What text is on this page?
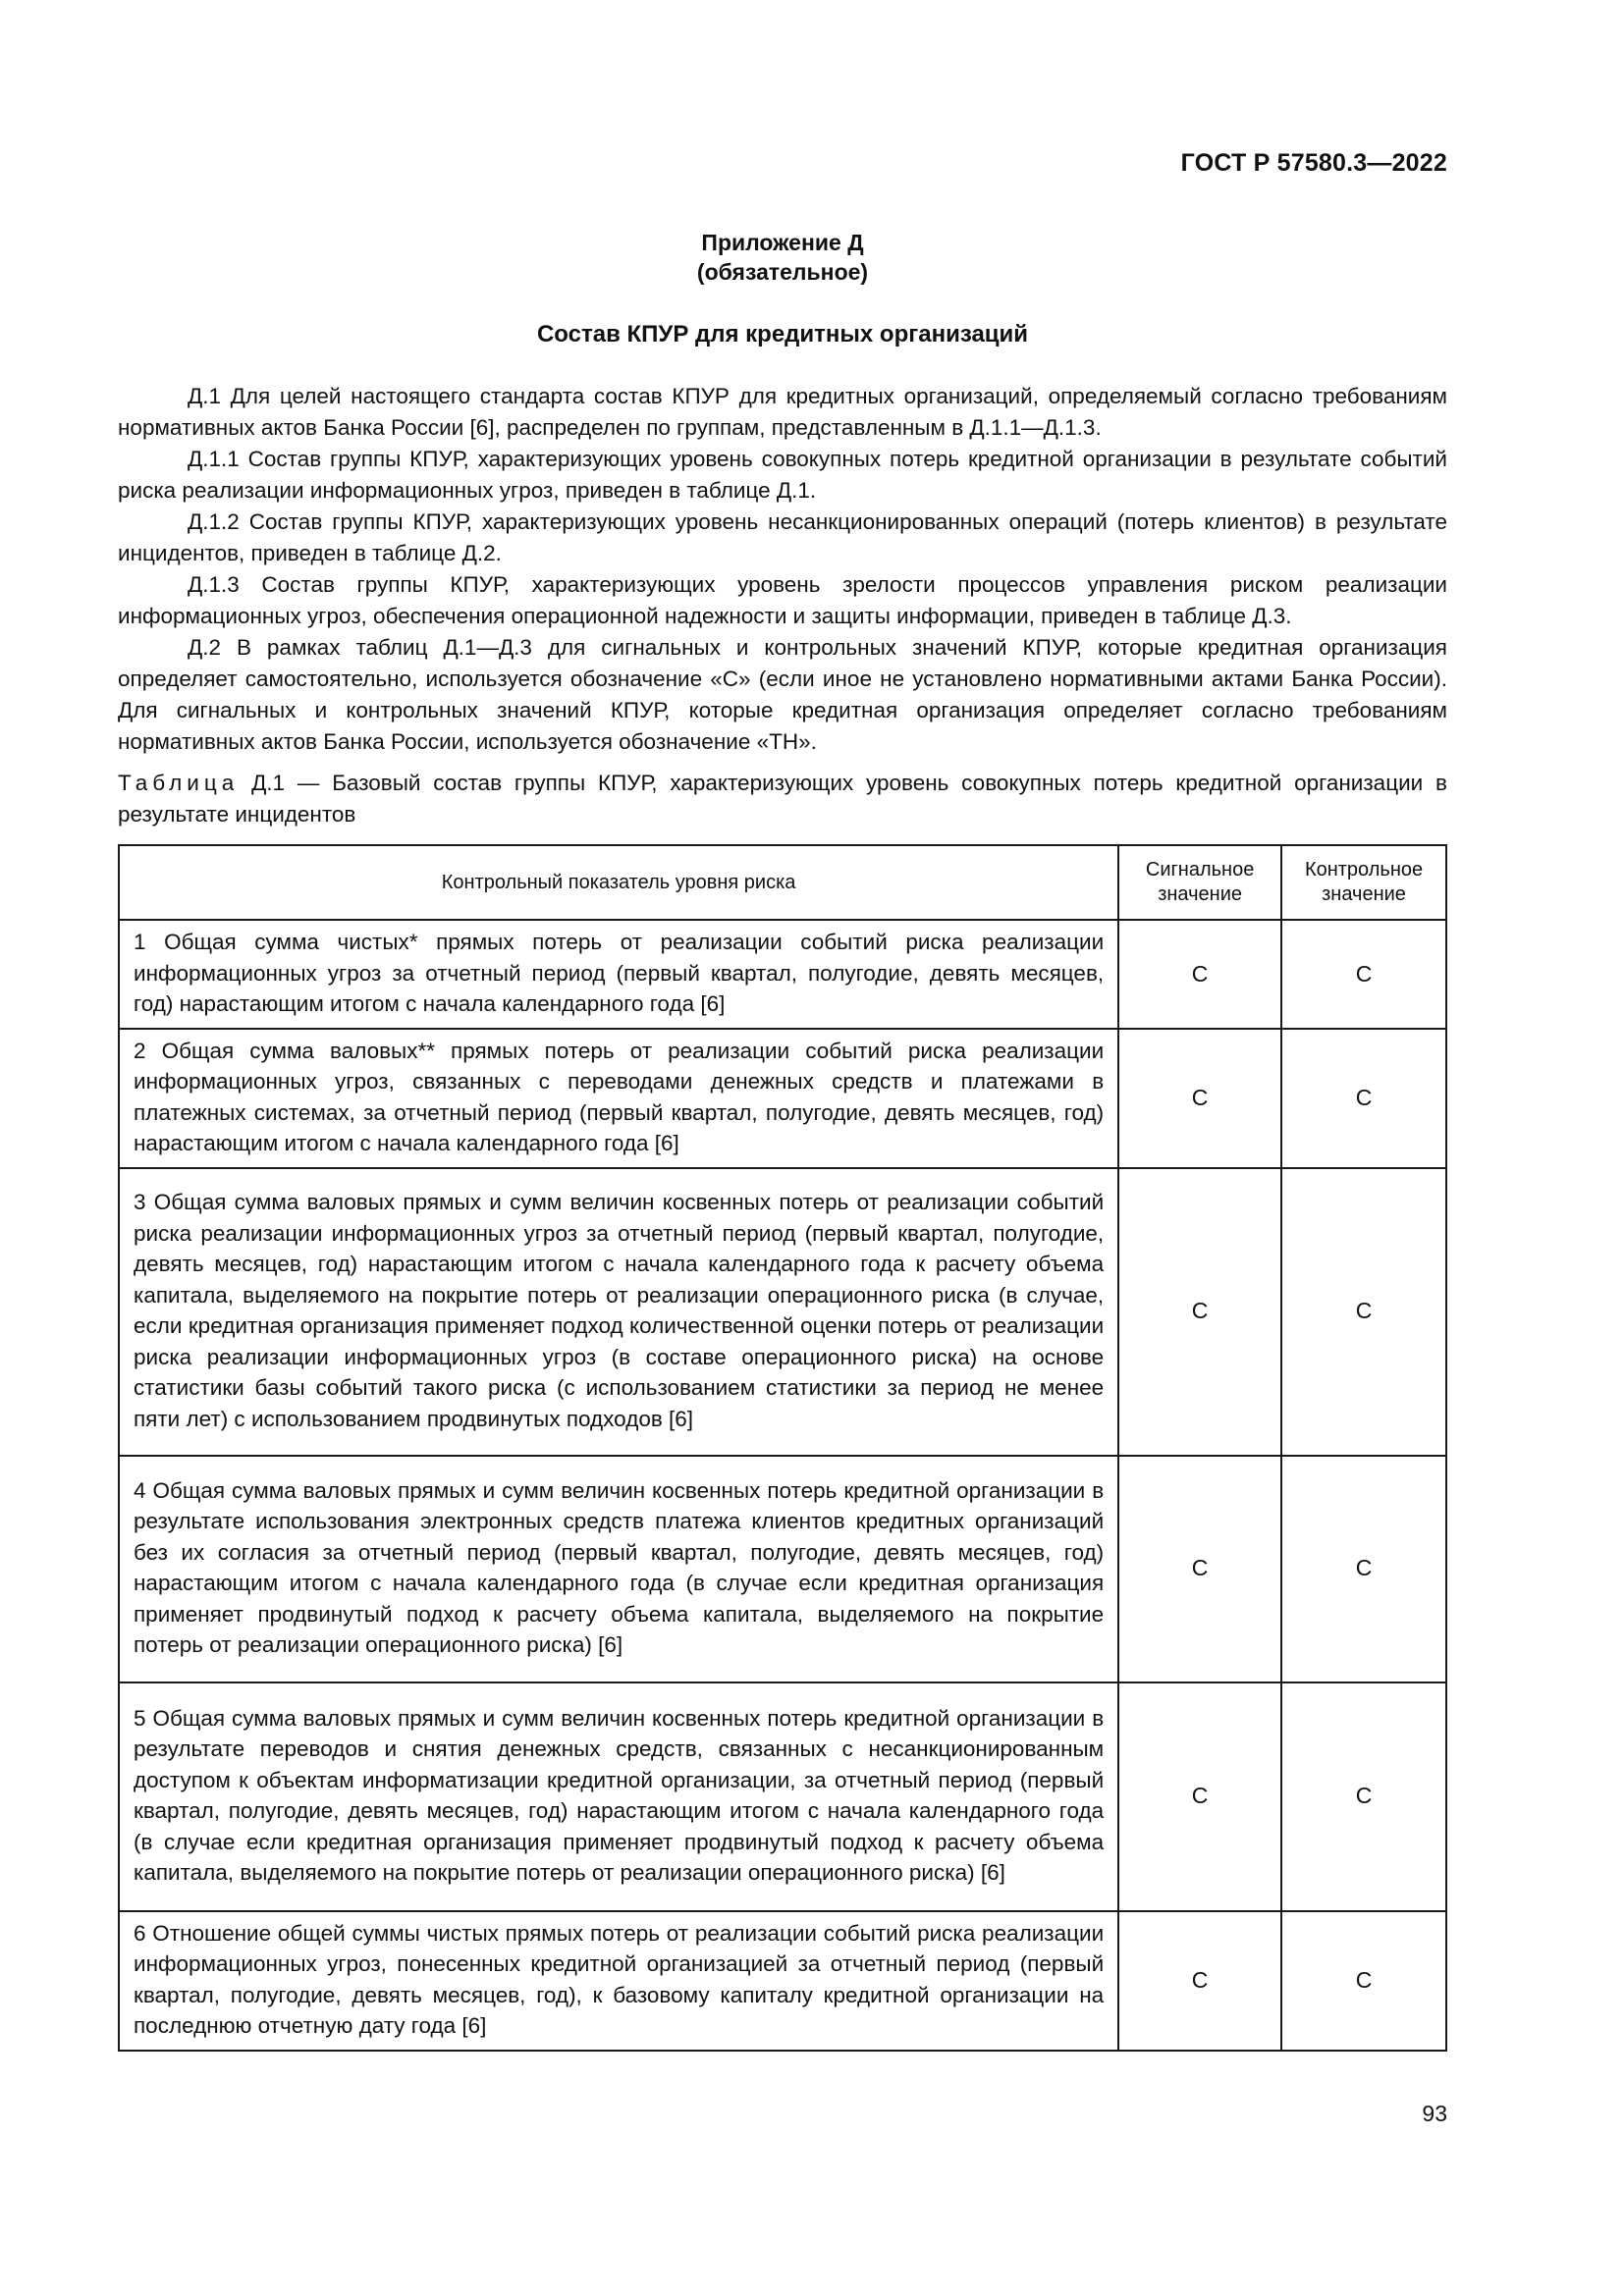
ГОСТ Р 57580.3—2022
Приложение Д
(обязательное)
Состав КПУР для кредитных организаций

Д.1 Для целей настоящего стандарта состав КПУР для кредитных организаций, определяемый согласно требованиям нормативных актов Банка России [6], распределен по группам, представленным в Д.1.1—Д.1.3.

Д.1.1 Состав группы КПУР, характеризующих уровень совокупных потерь кредитной организации в результате событий риска реализации информационных угроз, приведен в таблице Д.1.

Д.1.2 Состав группы КПУР, характеризующих уровень несанкционированных операций (потерь клиентов) в результате инцидентов, приведен в таблице Д.2.

Д.1.3 Состав группы КПУР, характеризующих уровень зрелости процессов управления риском реализации информационных угроз, обеспечения операционной надежности и защиты информации, приведен в таблице Д.3.

Д.2 В рамках таблиц Д.1—Д.3 для сигнальных и контрольных значений КПУР, которые кредитная организация определяет самостоятельно, используется обозначение «С» (если иное не установлено нормативными актами Банка России). Для сигнальных и контрольных значений КПУР, которые кредитная организация определяет согласно требованиям нормативных актов Банка России, используется обозначение «ТН».

Таблица Д.1 — Базовый состав группы КПУР, характеризующих уровень совокупных потерь кредитной организации в результате инцидентов
Контрольный показатель уровня риска	Сигнальное значение	Контрольное значение
1 Общая сумма чистых* прямых потерь от реализации событий риска реализации информационных угроз за отчетный период (первый квартал, полугодие, девять месяцев, год) нарастающим итогом с начала календарного года [6]	С	С
2 Общая сумма валовых** прямых потерь от реализации событий риска реализации информационных угроз, связанных с переводами денежных средств и платежами в платежных системах, за отчетный период (первый квартал, полугодие, девять месяцев, год) нарастающим итогом с начала календарного года [6]	С	С
3 Общая сумма валовых прямых и сумм величин косвенных потерь от реализации событий риска реализации информационных угроз за отчетный период (первый квартал, полугодие, девять месяцев, год) нарастающим итогом с начала календарного года к расчету объема капитала, выделяемого на покрытие потерь от реализации операционного риска (в случае, если кредитная организация применяет подход количественной оценки потерь от реализации риска реализации информационных угроз (в составе операционного риска) на основе статистики базы событий такого риска (с использованием статистики за период не менее пяти лет) с использованием продвинутых подходов [6]	С	С
4 Общая сумма валовых прямых и сумм величин косвенных потерь кредитной организации в результате использования электронных средств платежа клиентов кредитных организаций без их согласия за отчетный период (первый квартал, полугодие, девять месяцев, год) нарастающим итогом с начала календарного года (в случае если кредитная организация применяет продвинутый подход к расчету объема капитала, выделяемого на покрытие потерь от реализации операционного риска) [6]	С	С
5 Общая сумма валовых прямых и сумм величин косвенных потерь кредитной организации в результате переводов и снятия денежных средств, связанных с несанкционированным доступом к объектам информатизации кредитной организации, за отчетный период (первый квартал, полугодие, девять месяцев, год) нарастающим итогом с начала календарного года (в случае если кредитная организация применяет продвинутый подход к расчету объема капитала, выделяемого на покрытие потерь от реализации операционного риска) [6]	С	С
6 Отношение общей суммы чистых прямых потерь от реализации событий риска реализации информационных угроз, понесенных кредитной организацией за отчетный период (первый квартал, полугодие, девять месяцев, год), к базовому капиталу кредитной организации на последнюю отчетную дату года [6]	С	С
93
